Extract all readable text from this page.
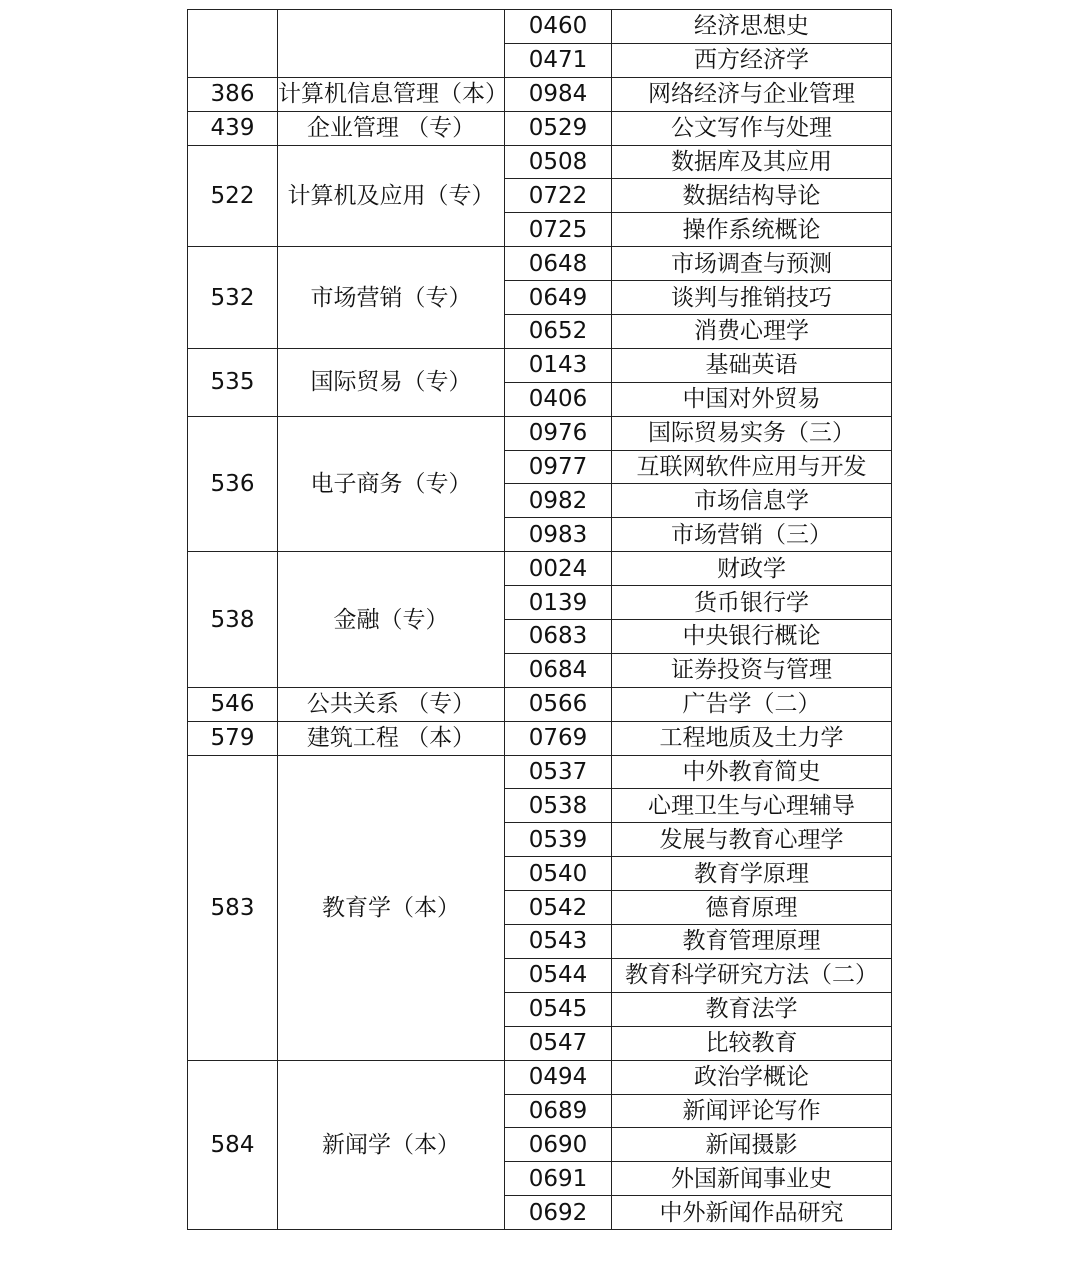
		0460	经济思想史
		0471	西方经济学
386	计算机信息管理（本）	0984	网络经济与企业管理
439	企业管理 （专）	0529	公文写作与处理
522	计算机及应用（专）	0508	数据库及其应用
		0722	数据结构导论
		0725	操作系统概论
532	市场营销（专）	0648	市场调查与预测
		0649	谈判与推销技巧
		0652	消费心理学
535	国际贸易（专）	0143	基础英语
		0406	中国对外贸易
536	电子商务（专）	0976	国际贸易实务（三）
		0977	互联网软件应用与开发
		0982	市场信息学
		0983	市场营销（三）
538	金融（专）	0024	财政学
		0139	货币银行学
		0683	中央银行概论
		0684	证券投资与管理
546	公共关系 （专）	0566	广告学（二）
579	建筑工程 （本）	0769	工程地质及土力学
583	教育学（本）	0537	中外教育简史
		0538	心理卫生与心理辅导
		0539	发展与教育心理学
		0540	教育学原理
		0542	德育原理
		0543	教育管理原理
		0544	教育科学研究方法（二）
		0545	教育法学
		0547	比较教育
584	新闻学（本）	0494	政治学概论
		0689	新闻评论写作
		0690	新闻摄影
		0691	外国新闻事业史
		0692	中外新闻作品研究
